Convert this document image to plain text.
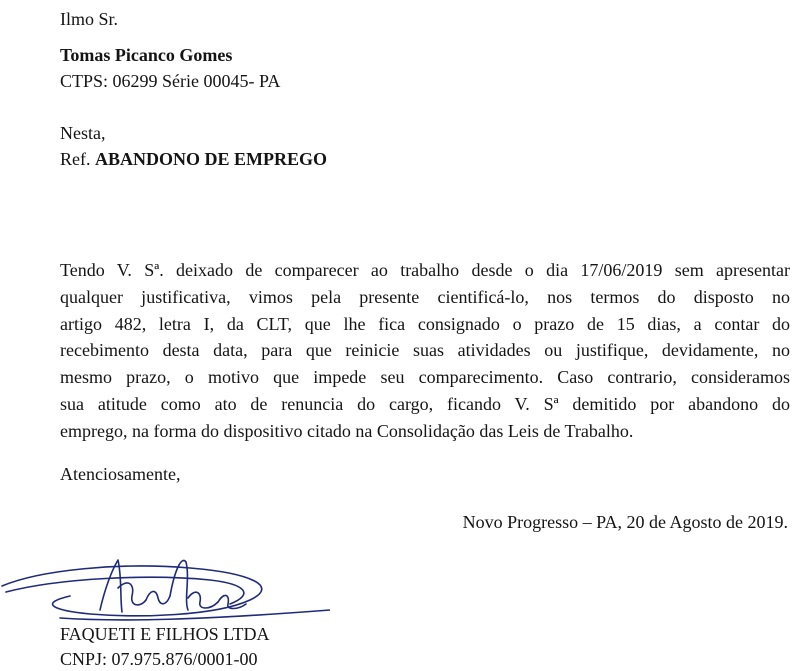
Ilmo Sr.
Tomas Picanco Gomes
CTPS: 06299 Série 00045- PA
Nesta,
Ref. ABANDONO DE EMPREGO
Tendo V. Sª. deixado de comparecer ao trabalho desde o dia 17/06/2019 sem apresentar
qualquer justificativa, vimos pela presente cientificá-lo, nos termos do disposto no
artigo 482, letra I, da CLT, que lhe fica consignado o prazo de 15 dias, a contar do
recebimento desta data, para que reinicie suas atividades ou justifique, devidamente, no
mesmo prazo, o motivo que impede seu comparecimento. Caso contrario, consideramos
sua atitude como ato de renuncia do cargo, ficando V. Sª demitido por abandono do
emprego, na forma do dispositivo citado na Consolidação das Leis de Trabalho.
Atenciosamente,
Novo Progresso – PA, 20 de Agosto de 2019.
FAQUETI E FILHOS LTDA
CNPJ: 07.975.876/0001-00
